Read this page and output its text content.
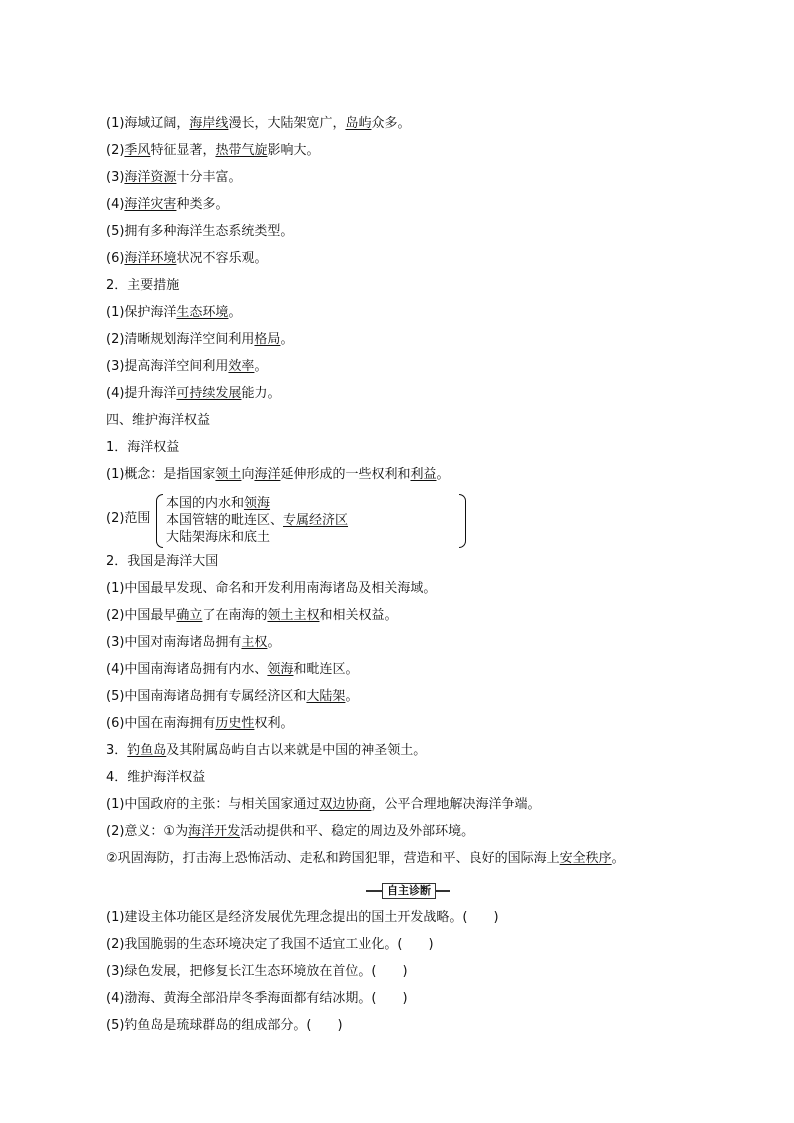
(1)海域辽阔，海岸线漫长，大陆架宽广，岛屿众多。
(2)季风特征显著，热带气旋影响大。
(3)海洋资源十分丰富。
(4)海洋灾害种类多。
(5)拥有多种海洋生态系统类型。
(6)海洋环境状况不容乐观。
2．主要措施
(1)保护海洋生态环境。
(2)清晰规划海洋空间利用格局。
(3)提高海洋空间利用效率。
(4)提升海洋可持续发展能力。
四、维护海洋权益
1．海洋权益
(1)概念：是指国家领土向海洋延伸形成的一些权利和利益。
2．我国是海洋大国
(1)中国最早发现、命名和开发利用南海诸岛及相关海域。
(2)中国最早确立了在南海的领土主权和相关权益。
(3)中国对南海诸岛拥有主权。
(4)中国南海诸岛拥有内水、领海和毗连区。
(5)中国南海诸岛拥有专属经济区和大陆架。
(6)中国在南海拥有历史性权利。
3．钓鱼岛及其附属岛屿自古以来就是中国的神圣领土。
4．维护海洋权益
(1)中国政府的主张：与相关国家通过双边协商，公平合理地解决海洋争端。
(2)意义：①为海洋开发活动提供和平、稳定的周边及外部环境。
②巩固海防，打击海上恐怖活动、走私和跨国犯罪，营造和平、良好的国际海上安全秩序。
(1)建设主体功能区是经济发展优先理念提出的国土开发战略。(　　)
(2)我国脆弱的生态环境决定了我国不适宜工业化。(　　)
(3)绿色发展，把修复长江生态环境放在首位。(　　)
(4)渤海、黄海全部沿岸冬季海面都有结冰期。(　　)
(5)钓鱼岛是琉球群岛的组成部分。(　　)
(2)范围
本国的内水和领海
本国管辖的毗连区、专属经济区
大陆架海床和底土
自主诊断
